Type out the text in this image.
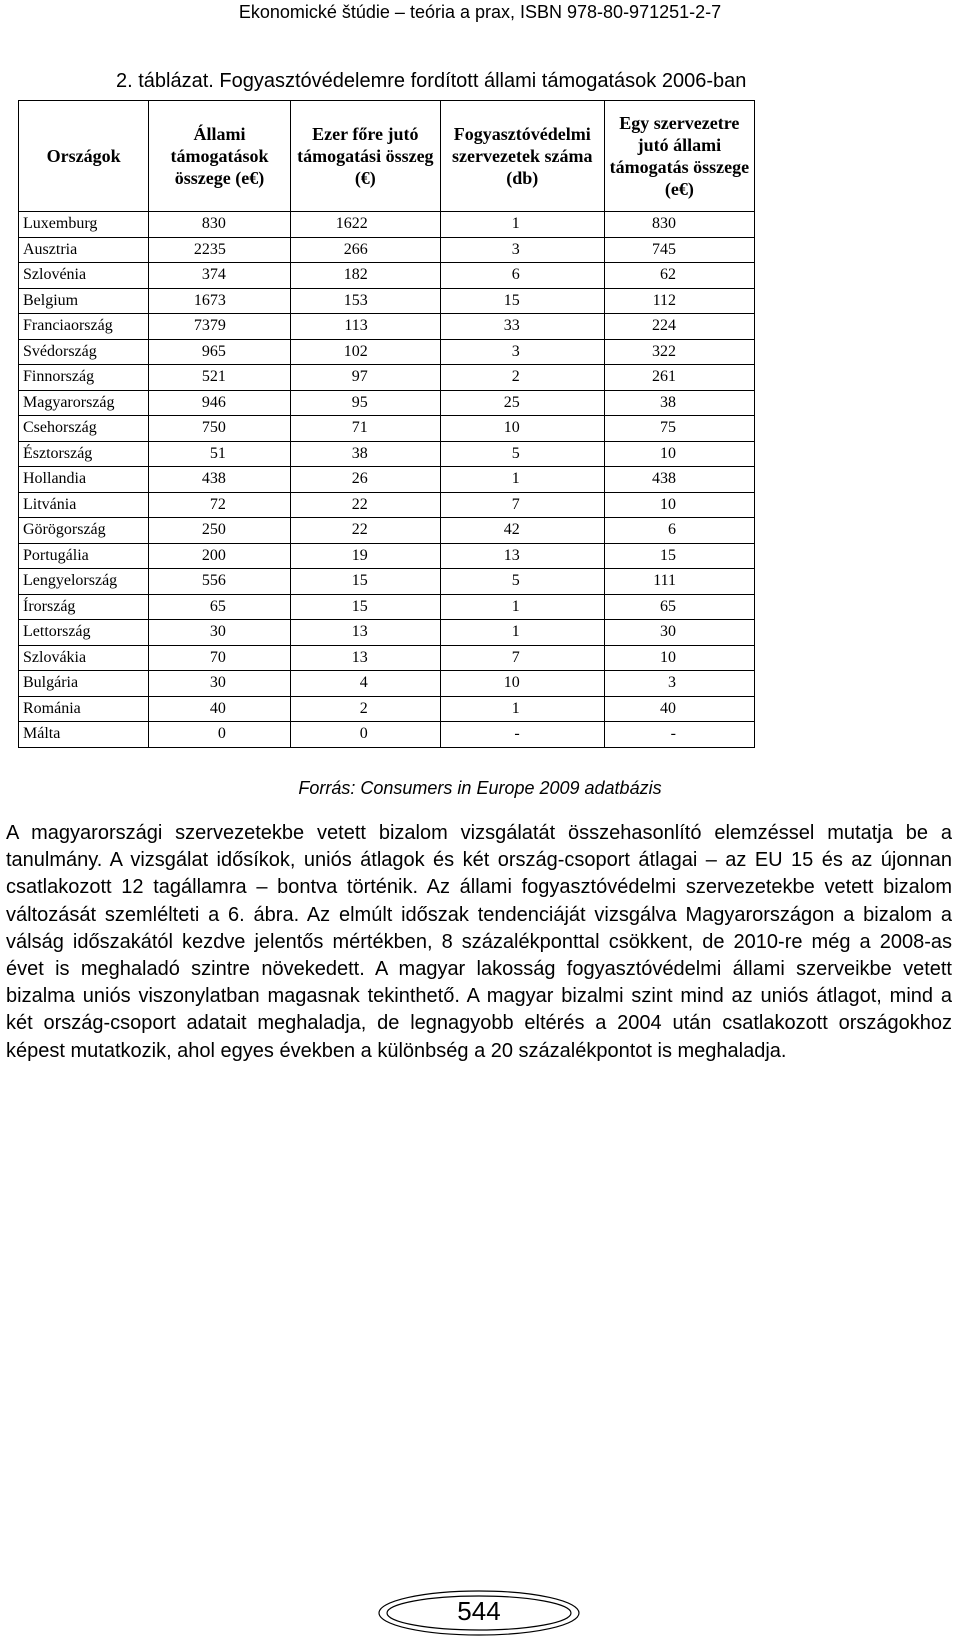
Ekonomické štúdie – teória a prax, ISBN 978-80-971251-2-7
2. táblázat. Fogyasztóvédelemre fordított állami támogatások 2006-ban
Országok	Állami támogatások összege (e€)	Ezer főre jutó támogatási összeg (€)	Fogyasztóvédelmi szervezetek száma (db)	Egy szervezetre jutó állami támogatás összege (e€)
Luxemburg	830	1622	1	830
Ausztria	2235	266	3	745
Szlovénia	374	182	6	62
Belgium	1673	153	15	112
Franciaország	7379	113	33	224
Svédország	965	102	3	322
Finnország	521	97	2	261
Magyarország	946	95	25	38
Csehország	750	71	10	75
Észtország	51	38	5	10
Hollandia	438	26	1	438
Litvánia	72	22	7	10
Görögország	250	22	42	6
Portugália	200	19	13	15
Lengyelország	556	15	5	111
Írország	65	15	1	65
Lettország	30	13	1	30
Szlovákia	70	13	7	10
Bulgária	30	4	10	3
Románia	40	2	1	40
Málta	0	0	-	-
Forrás: Consumers in Europe 2009 adatbázis

A magyarországi szervezetekbe vetett bizalom vizsgálatát összehasonlító elemzéssel mutatja be a tanulmány. A vizsgálat idősíkok, uniós átlagok és két ország-csoport átlagai – az EU 15 és az újonnan csatlakozott 12 tagállamra – bontva történik. Az állami fogyasztóvédelmi szervezetekbe vetett bizalom változását szemlélteti a 6. ábra. Az elmúlt időszak tendenciáját vizsgálva Magyarországon a bizalom a válság időszakától kezdve jelentős mértékben, 8 százalékponttal csökkent, de 2010-re még a 2008-as évet is meghaladó szintre növekedett. A magyar lakosság fogyasztóvédelmi állami szerveikbe vetett bizalma uniós viszonylatban magasnak tekinthető. A magyar bizalmi szint mind az uniós átlagot, mind a két ország-csoport adatait meghaladja, de legnagyobb eltérés a 2004 után csatlakozott országokhoz képest mutatkozik, ahol egyes években a különbség a 20 százalékpontot is meghaladja.

544
